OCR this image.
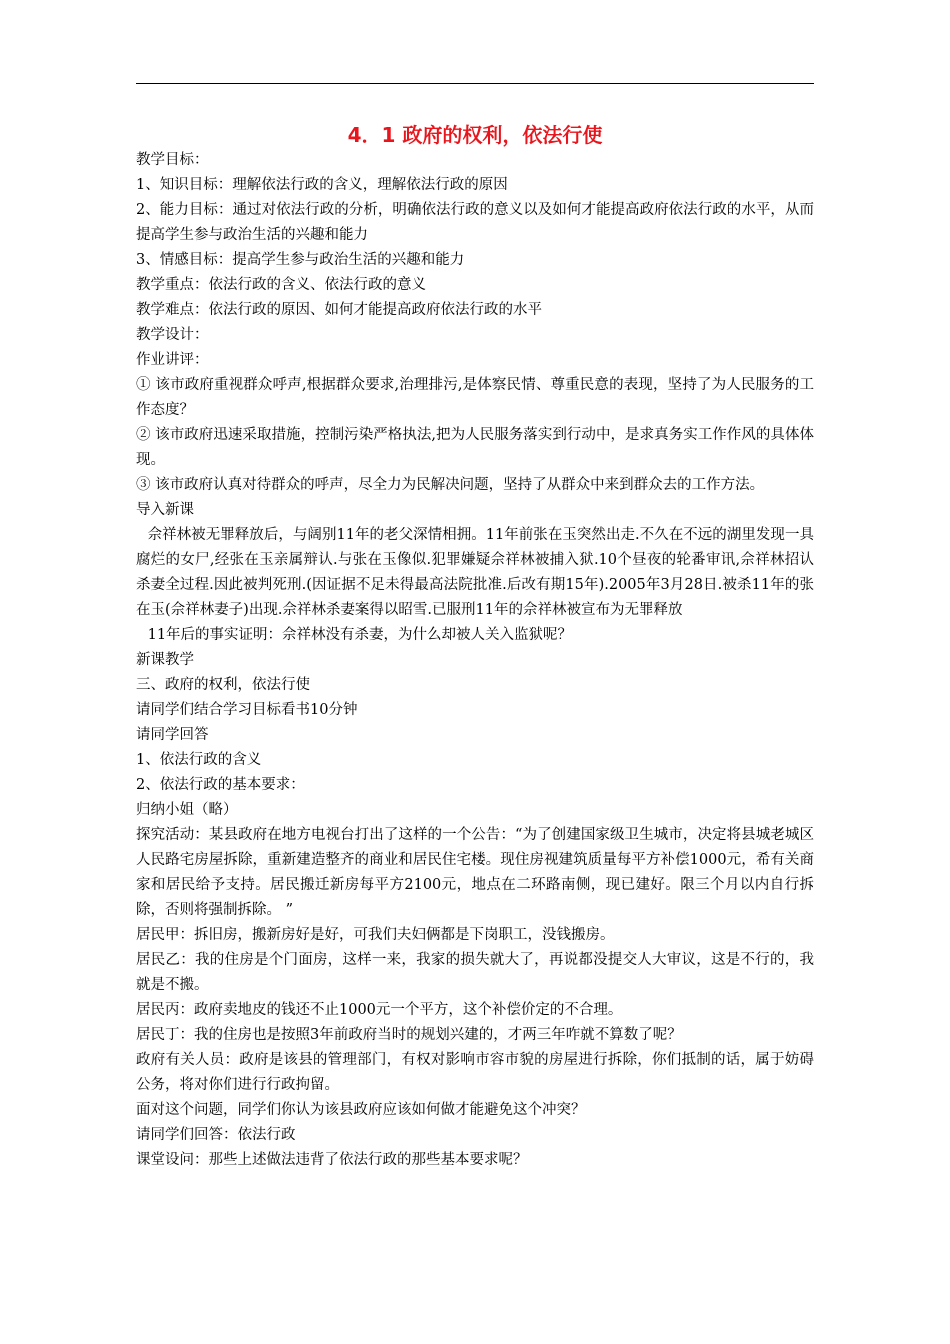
4．1 政府的权利，依法行使

教学目标：

1、知识目标：理解依法行政的含义，理解依法行政的原因

2、能力目标：通过对依法行政的分析，明确依法行政的意义以及如何才能提高政府依法行政的水平，从而提高学生参与政治生活的兴趣和能力

3、情感目标：提高学生参与政治生活的兴趣和能力

教学重点：依法行政的含义、依法行政的意义

教学难点：依法行政的原因、如何才能提高政府依法行政的水平

教学设计：

作业讲评：

① 该市政府重视群众呼声,根据群众要求,治理排污,是体察民情、尊重民意的表现，坚持了为人民服务的工作态度？

② 该市政府迅速采取措施，控制污染严格执法,把为人民服务落实到行动中，是求真务实工作作风的具体体现。

③ 该市政府认真对待群众的呼声，尽全力为民解决问题，坚持了从群众中来到群众去的工作方法。

导入新课

佘祥林被无罪释放后，与阔别11年的老父深情相拥。11年前张在玉突然出走.不久在不远的湖里发现一具腐烂的女尸,经张在玉亲属辩认.与张在玉像似.犯罪嫌疑佘祥林被捕入狱.10个昼夜的轮番审讯,佘祥林招认杀妻全过程.因此被判死刑.(因证据不足未得最高法院批准.后改有期15年).2005年3月28日.被杀11年的张在玉(佘祥林妻子)出现.佘祥林杀妻案得以昭雪.已服刑11年的佘祥林被宣布为无罪释放

11年后的事实证明：佘祥林没有杀妻，为什么却被人关入监狱呢？

新课教学

三、政府的权利，依法行使

请同学们结合学习目标看书10分钟

请同学回答

1、依法行政的含义

2、依法行政的基本要求：

归纳小姐（略）

探究活动：某县政府在地方电视台打出了这样的一个公告：“为了创建国家级卫生城市，决定将县城老城区人民路宅房屋拆除，重新建造整齐的商业和居民住宅楼。现住房视建筑质量每平方补偿1000元，希有关商家和居民给予支持。居民搬迁新房每平方2100元，地点在二环路南侧，现已建好。限三个月以内自行拆除，否则将强制拆除。 ”

居民甲：拆旧房，搬新房好是好，可我们夫妇俩都是下岗职工，没钱搬房。

居民乙：我的住房是个门面房，这样一来，我家的损失就大了，再说都没提交人大审议，这是不行的，我就是不搬。

居民丙：政府卖地皮的钱还不止1000元一个平方，这个补偿价定的不合理。

居民丁：我的住房也是按照3年前政府当时的规划兴建的，才两三年咋就不算数了呢？

政府有关人员：政府是该县的管理部门，有权对影响市容市貌的房屋进行拆除，你们抵制的话，属于妨碍公务，将对你们进行行政拘留。

面对这个问题，同学们你认为该县政府应该如何做才能避免这个冲突？

请同学们回答：依法行政

课堂设问：那些上述做法违背了依法行政的那些基本要求呢？
